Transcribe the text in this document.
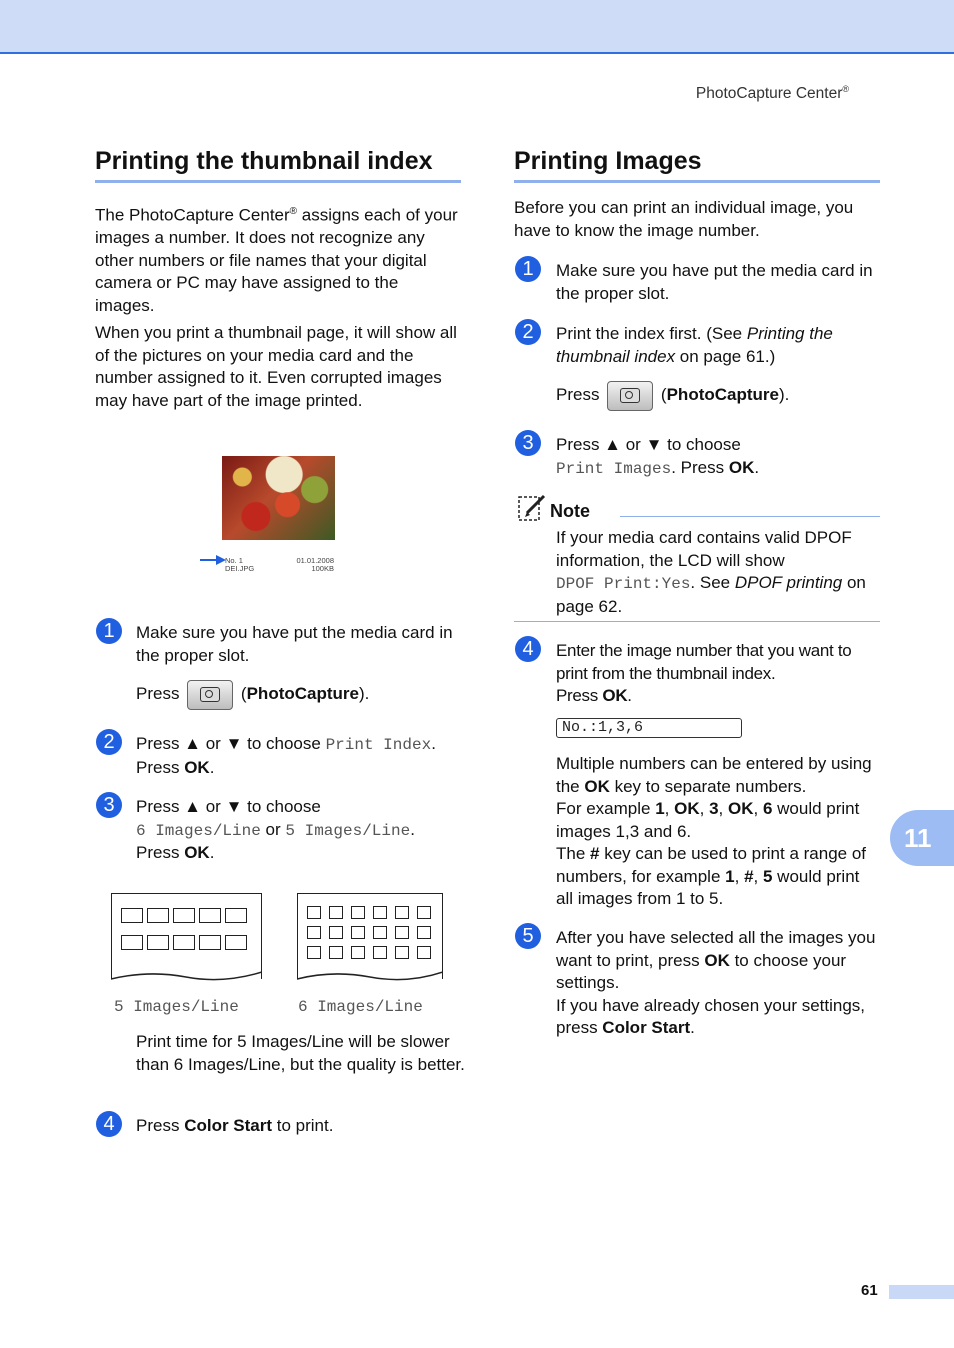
PhotoCapture Center®
Printing the thumbnail index
The PhotoCapture Center® assigns each of your images a number. It does not recognize any other numbers or file names that your digital camera or PC may have assigned to the images.
When you print a thumbnail page, it will show all of the pictures on your media card and the number assigned to it. Even corrupted images may have part of the image printed.
No. 1
DEI.JPG
01.01.2008
100KB
1	Make sure you have put the media card in the proper slot.
Press	(PhotoCapture).
2	Press ▲ or ▼ to choose Print Index.
Press OK.
3	Press ▲ or ▼ to choose
6 Images/Line or 5 Images/Line.
Press OK.
5 Images/Line	6 Images/Line
Print time for 5 Images/Line will be slower than 6 Images/Line, but the quality is better.
4	Press Color Start to print.
Printing Images
Before you can print an individual image, you have to know the image number.
1	Make sure you have put the media card in the proper slot.
2	Print the index first. (See Printing the thumbnail index on page 61.)
Press	(PhotoCapture).
3	Press ▲ or ▼ to choose
Print Images. Press OK.
Note
If your media card contains valid DPOF information, the LCD will show
DPOF Print:Yes. See DPOF printing on page 62.
4	Enter the image number that you want to print from the thumbnail index.
Press OK.
No.:1,3,6
Multiple numbers can be entered by using the OK key to separate numbers.
For example 1, OK, 3, OK, 6 would print images 1,3 and 6.
The # key can be used to print a range of numbers, for example 1, #, 5 would print all images from 1 to 5.
5	After you have selected all the images you want to print, press OK to choose your settings.
If you have already chosen your settings, press Color Start.
11
61
